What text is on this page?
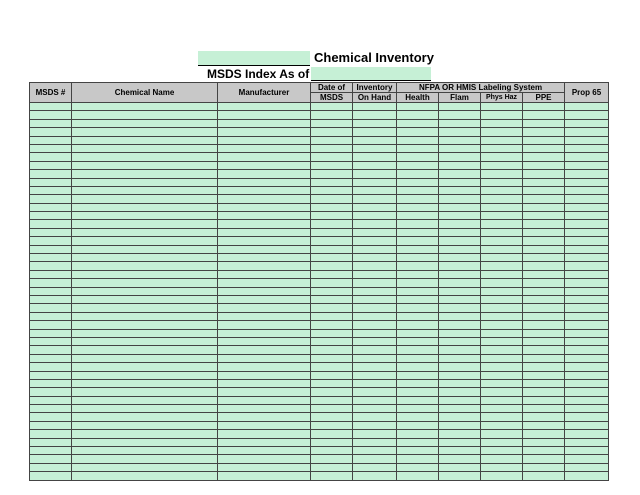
Chemical Inventory
MSDS Index As of
MSDS #	Chemical Name	Manufacturer	Date of	Inventory	NFPA OR HMIS Labeling System				Prop 65
			MSDS	On Hand	Health	Flam	Phys Haz	PPE	
